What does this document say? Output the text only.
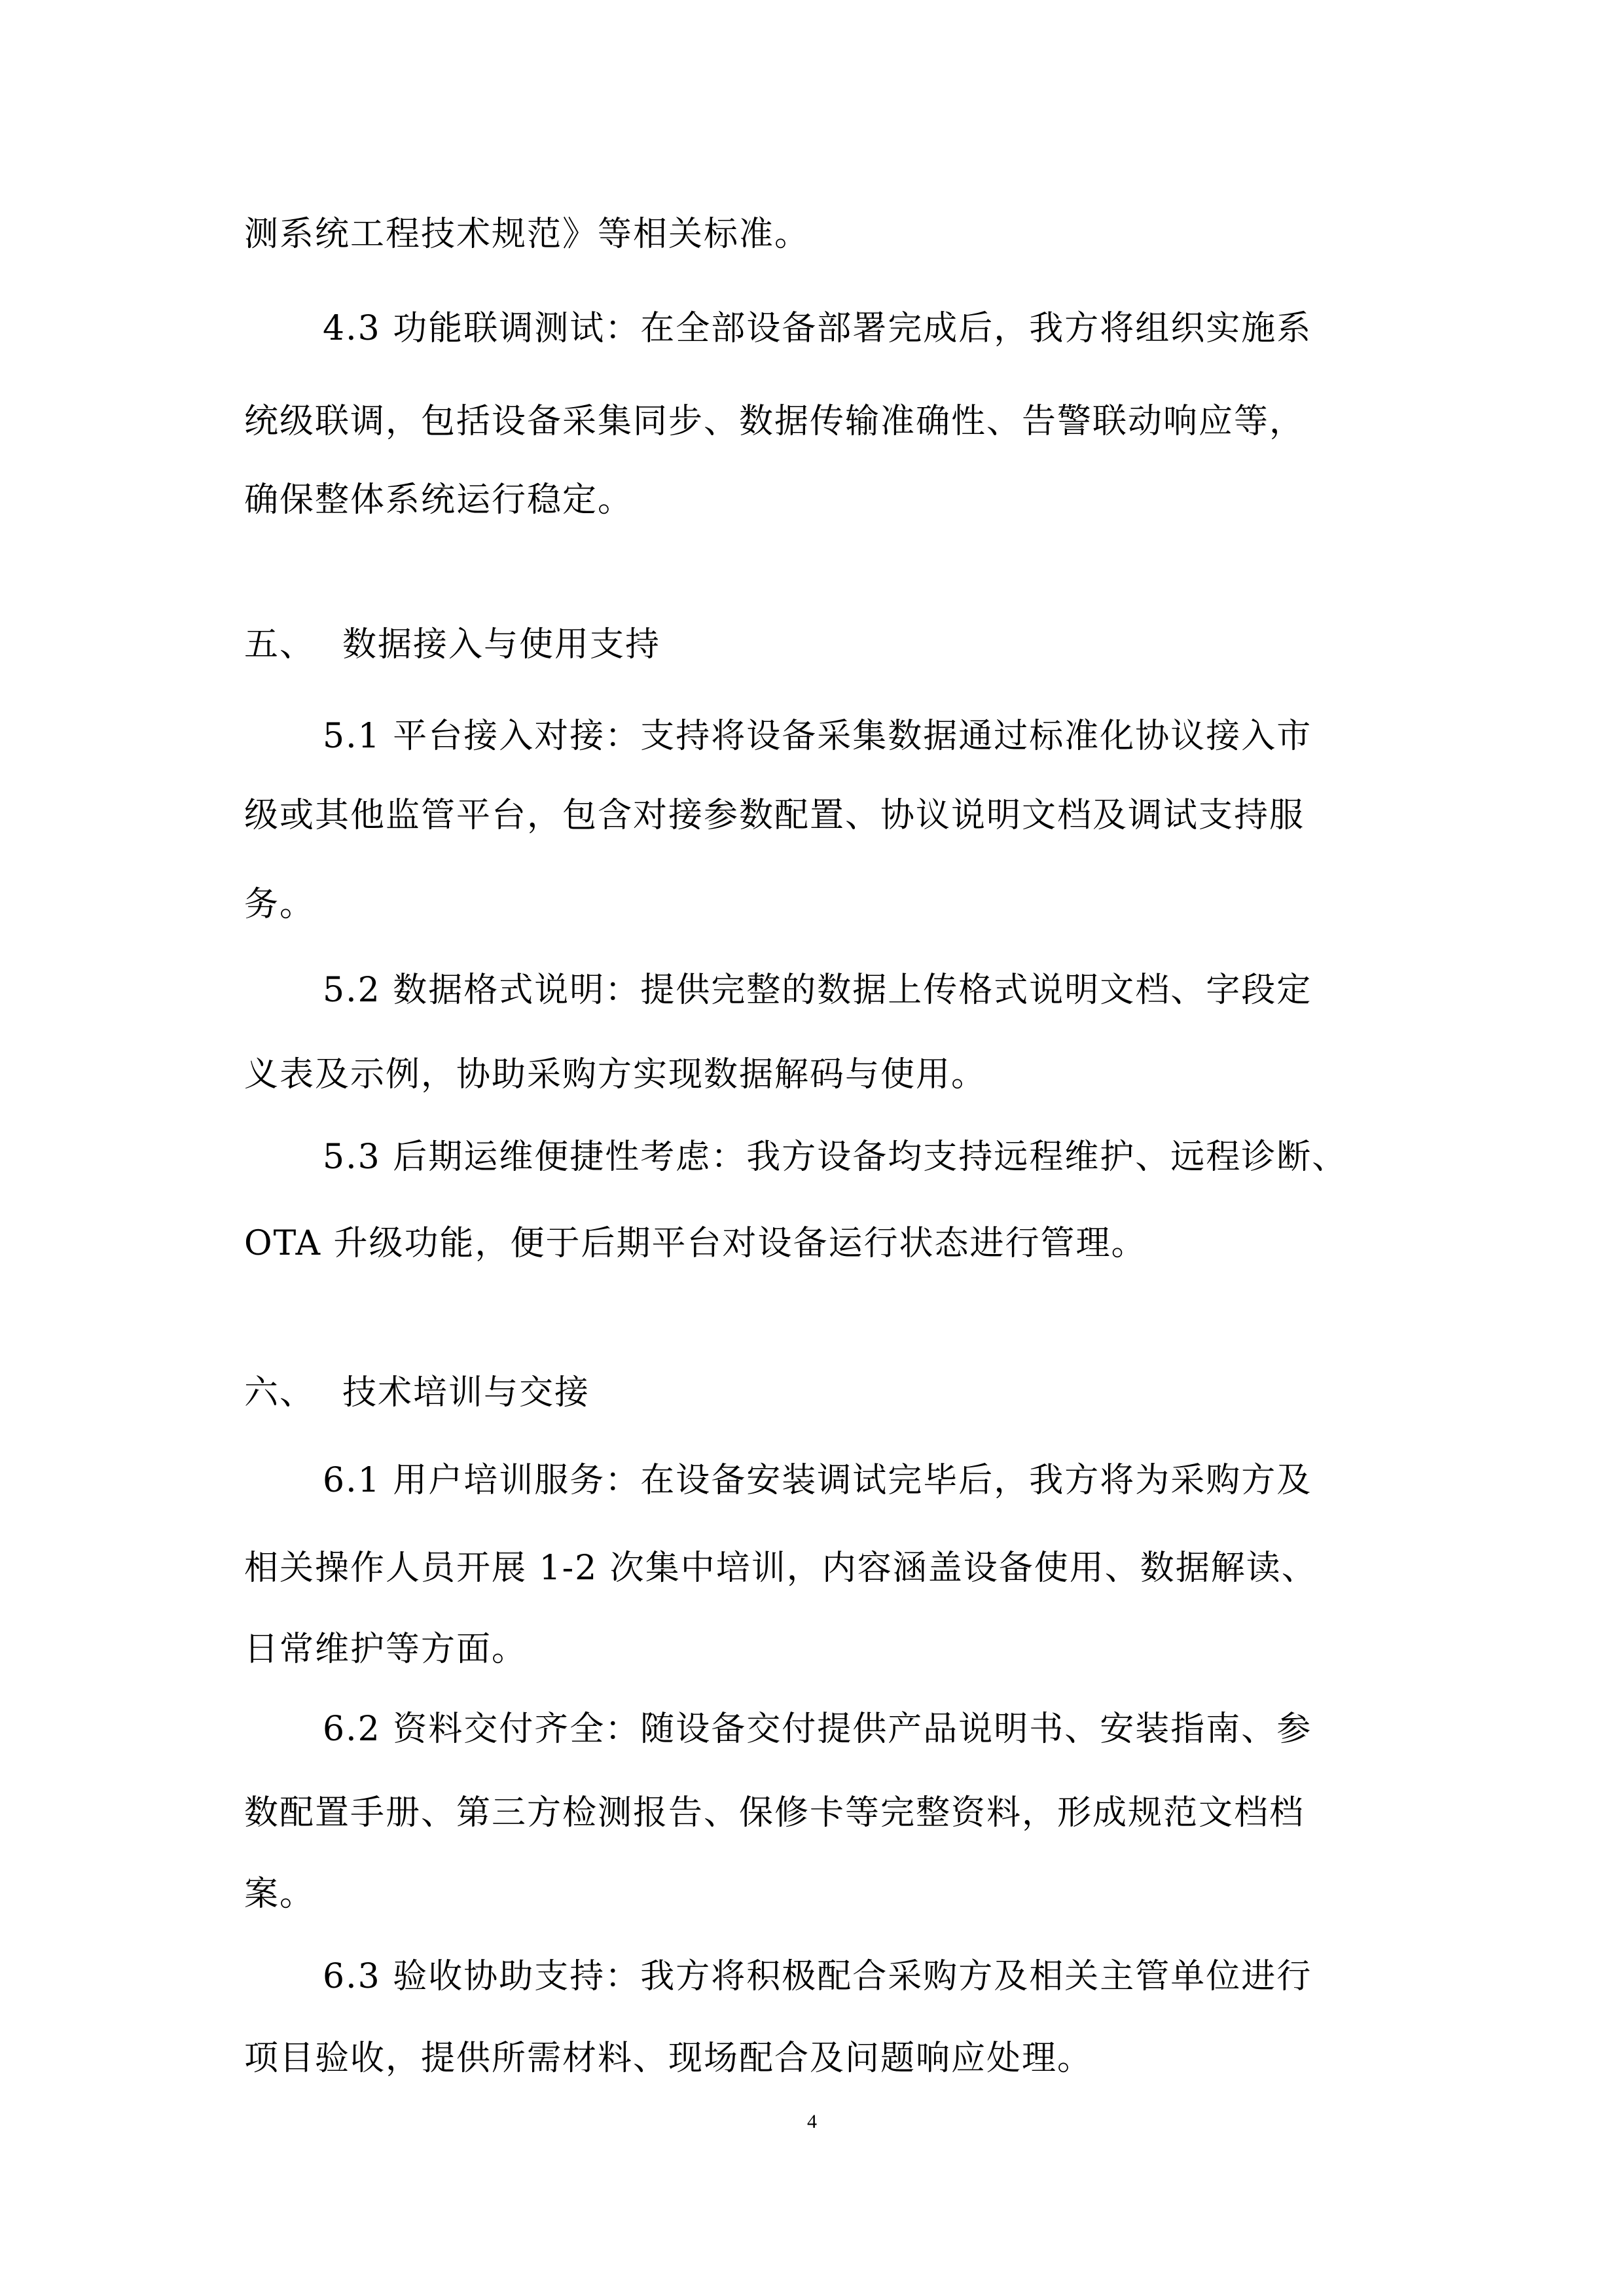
测系统工程技术规范》等相关标准。
4.3 功能联调测试：在全部设备部署完成后，我方将组织实施系
统级联调，包括设备采集同步、数据传输准确性、告警联动响应等，
确保整体系统运行稳定。
五、 数据接入与使用支持
5.1 平台接入对接：支持将设备采集数据通过标准化协议接入市
级或其他监管平台，包含对接参数配置、协议说明文档及调试支持服
务。
5.2 数据格式说明：提供完整的数据上传格式说明文档、字段定
义表及示例，协助采购方实现数据解码与使用。
5.3 后期运维便捷性考虑：我方设备均支持远程维护、远程诊断、
OTA 升级功能，便于后期平台对设备运行状态进行管理。
六、 技术培训与交接
6.1 用户培训服务：在设备安装调试完毕后，我方将为采购方及
相关操作人员开展 1-2 次集中培训，内容涵盖设备使用、数据解读、
日常维护等方面。
6.2 资料交付齐全：随设备交付提供产品说明书、安装指南、参
数配置手册、第三方检测报告、保修卡等完整资料，形成规范文档档
案。
6.3 验收协助支持：我方将积极配合采购方及相关主管单位进行
项目验收，提供所需材料、现场配合及问题响应处理。
4
